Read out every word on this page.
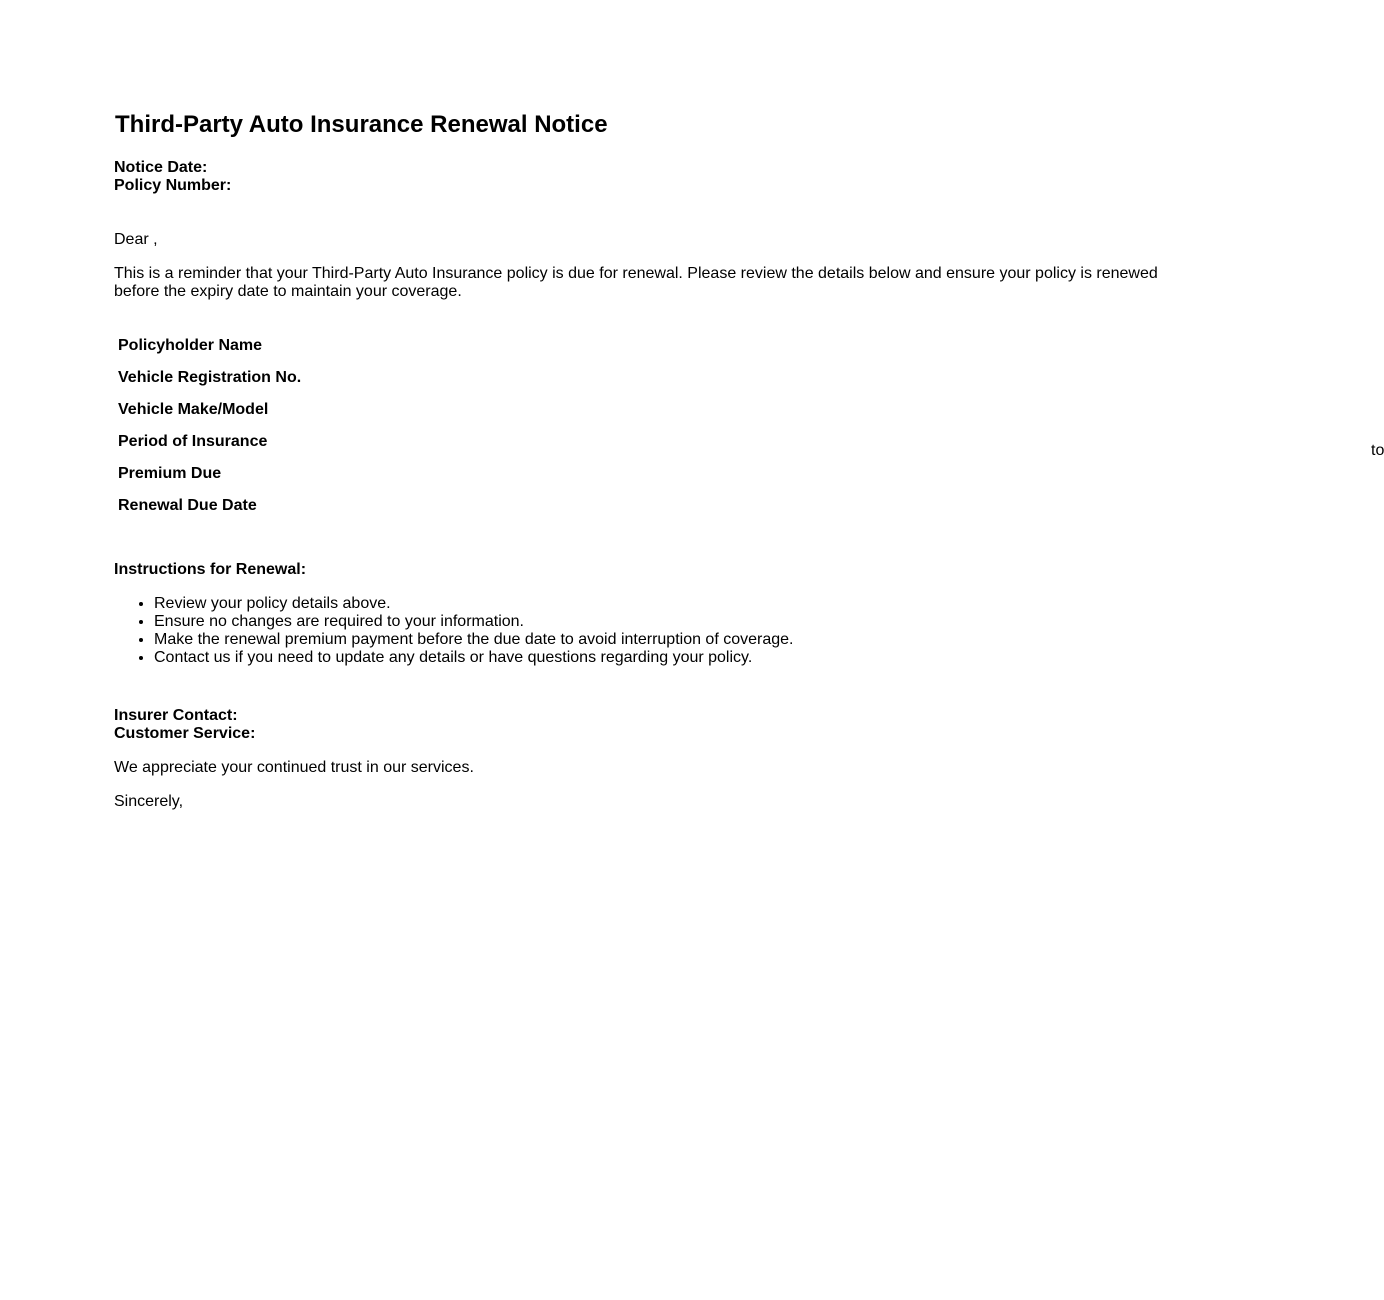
Third-Party Auto Insurance Renewal Notice
Notice Date:
Policy Number:
Dear ,
This is a reminder that your Third-Party Auto Insurance policy is due for renewal. Please review the details below and ensure your policy is renewed before the expiry date to maintain your coverage.
Policyholder Name	
Vehicle Registration No.	
Vehicle Make/Model	
Period of Insurance	to

Premium Due	
Renewal Due Date	
Instructions for Renewal:
• Review your policy details above.
• Ensure no changes are required to your information.
• Make the renewal premium payment before the due date to avoid interruption of coverage.
• Contact us if you need to update any details or have questions regarding your policy.
Insurer Contact:
Customer Service:
We appreciate your continued trust in our services.
Sincerely,
